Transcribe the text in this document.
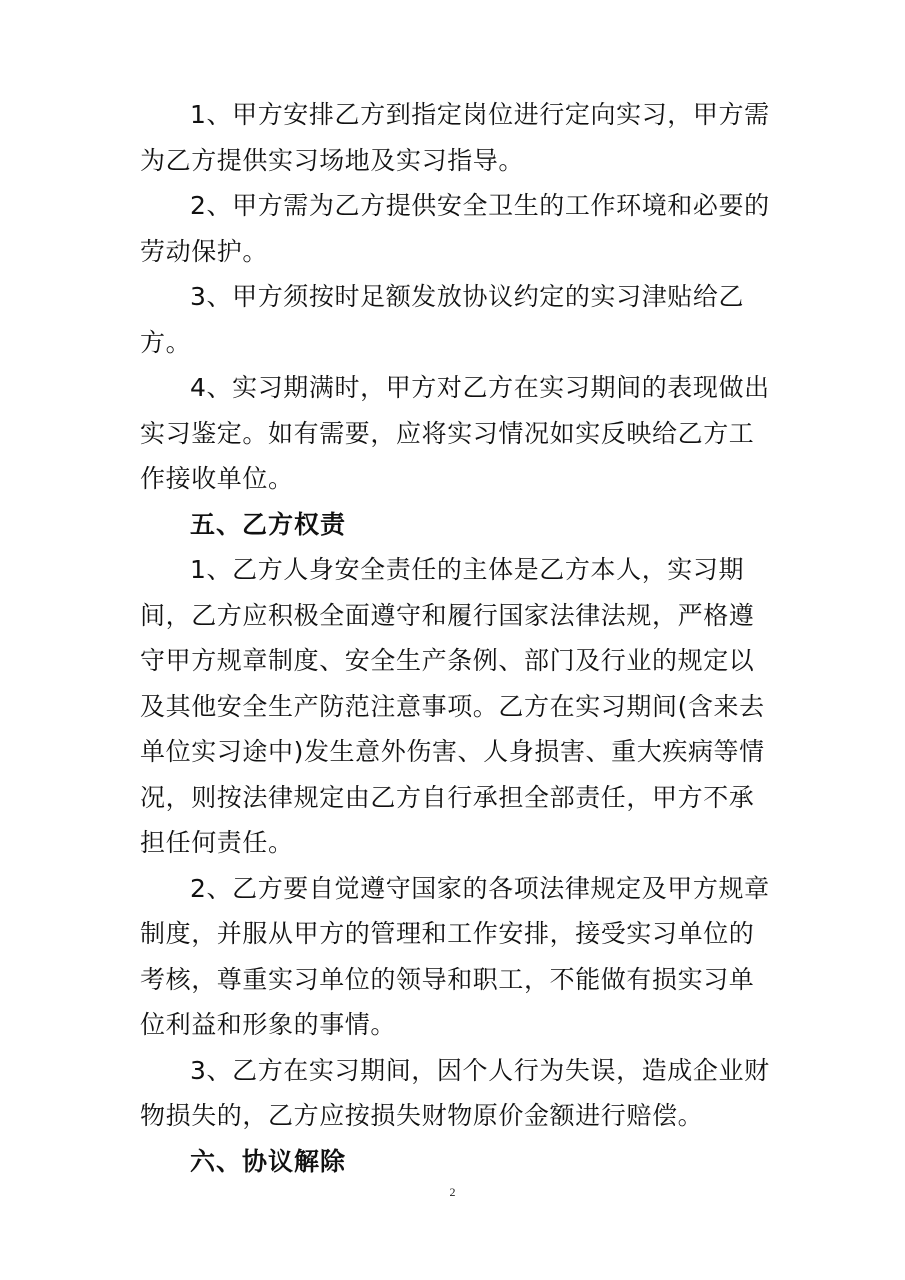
1、甲方安排乙方到指定岗位进行定向实习，甲方需为乙方提供实习场地及实习指导。

2、甲方需为乙方提供安全卫生的工作环境和必要的劳动保护。

3、甲方须按时足额发放协议约定的实习津贴给乙方。

4、实习期满时，甲方对乙方在实习期间的表现做出实习鉴定。如有需要，应将实习情况如实反映给乙方工作接收单位。

五、乙方权责

1、乙方人身安全责任的主体是乙方本人，实习期间，乙方应积极全面遵守和履行国家法律法规，严格遵守甲方规章制度、安全生产条例、部门及行业的规定以及其他安全生产防范注意事项。乙方在实习期间(含来去单位实习途中)发生意外伤害、人身损害、重大疾病等情况，则按法律规定由乙方自行承担全部责任，甲方不承担任何责任。

2、乙方要自觉遵守国家的各项法律规定及甲方规章制度，并服从甲方的管理和工作安排，接受实习单位的考核，尊重实习单位的领导和职工，不能做有损实习单位利益和形象的事情。

3、乙方在实习期间，因个人行为失误，造成企业财物损失的，乙方应按损失财物原价金额进行赔偿。

六、协议解除

2
